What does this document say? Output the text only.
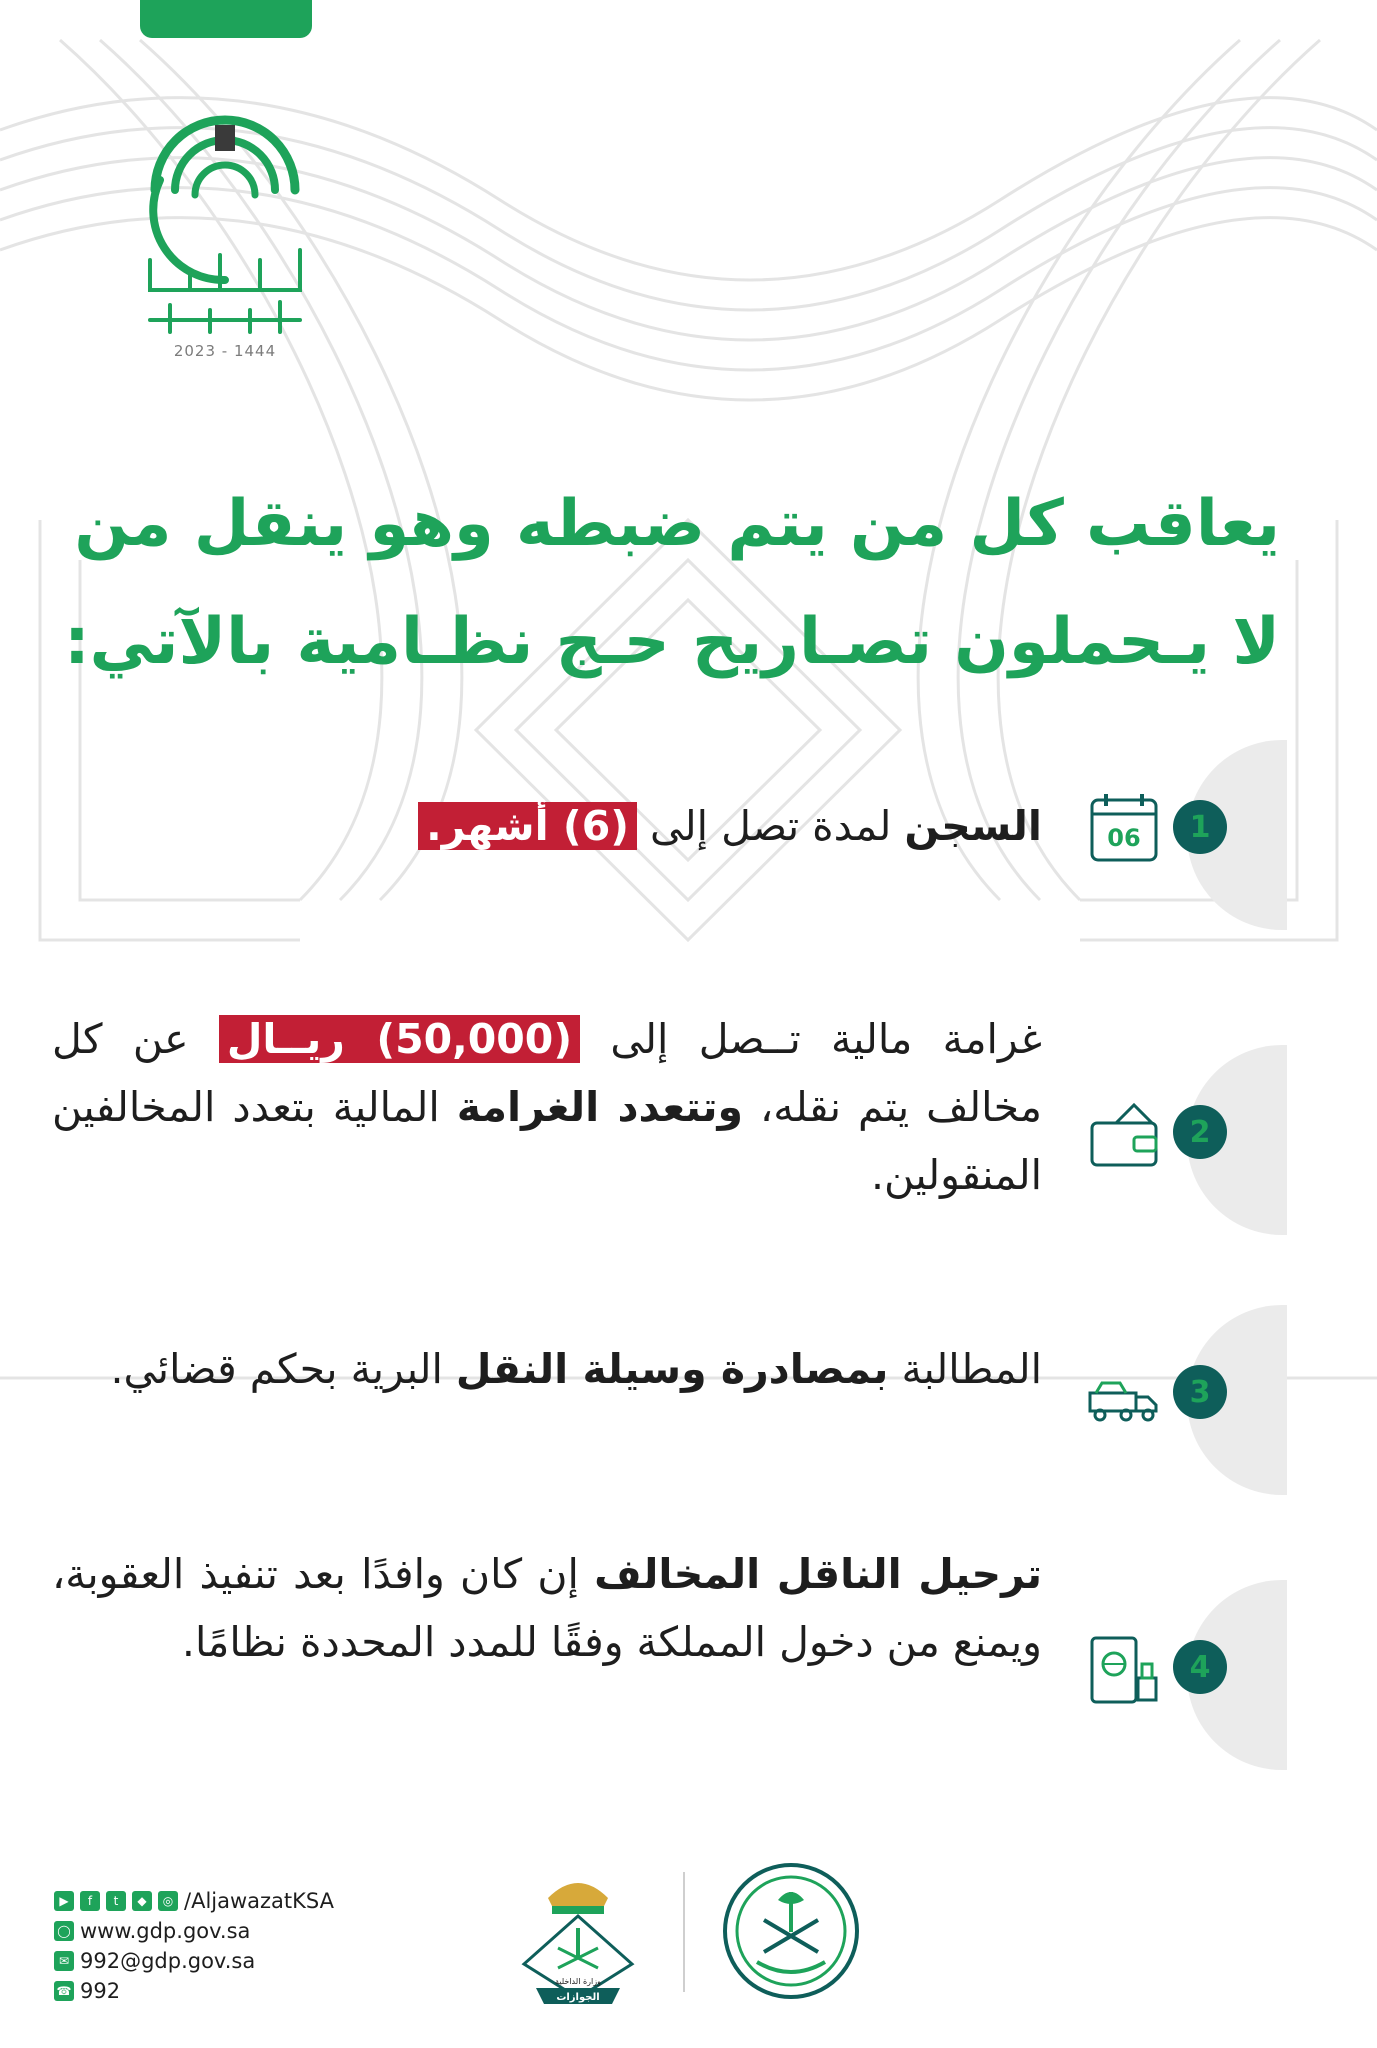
2023 - 1444
يعاقب كل من يتم ضبطه وهو ينقل من
لا يـحملون تصـاريح حـج نظـامية بالآتي:
1
06
السجن لمدة تصل إلى (6) أشهر.
2
غرامة مالية تــصل إلى (50,000) ريــال عن كل مخالف يتم نقله، وتتعدد الغرامة المالية بتعدد المخالفين المنقولين.
3
المطالبة بمصادرة وسيلة النقل البرية بحكم قضائي.
4
ترحيل الناقل المخالف إن كان وافدًا بعد تنفيذ العقوبة، ويمنع من دخول المملكة وفقًا للمدد المحددة نظامًا.
▶	f	t	◆	◎ /AljawazatKSA
◯ www.gdp.gov.sa
✉ 992@gdp.gov.sa
☎ 992	وزارة الداخلية
الجوازات
